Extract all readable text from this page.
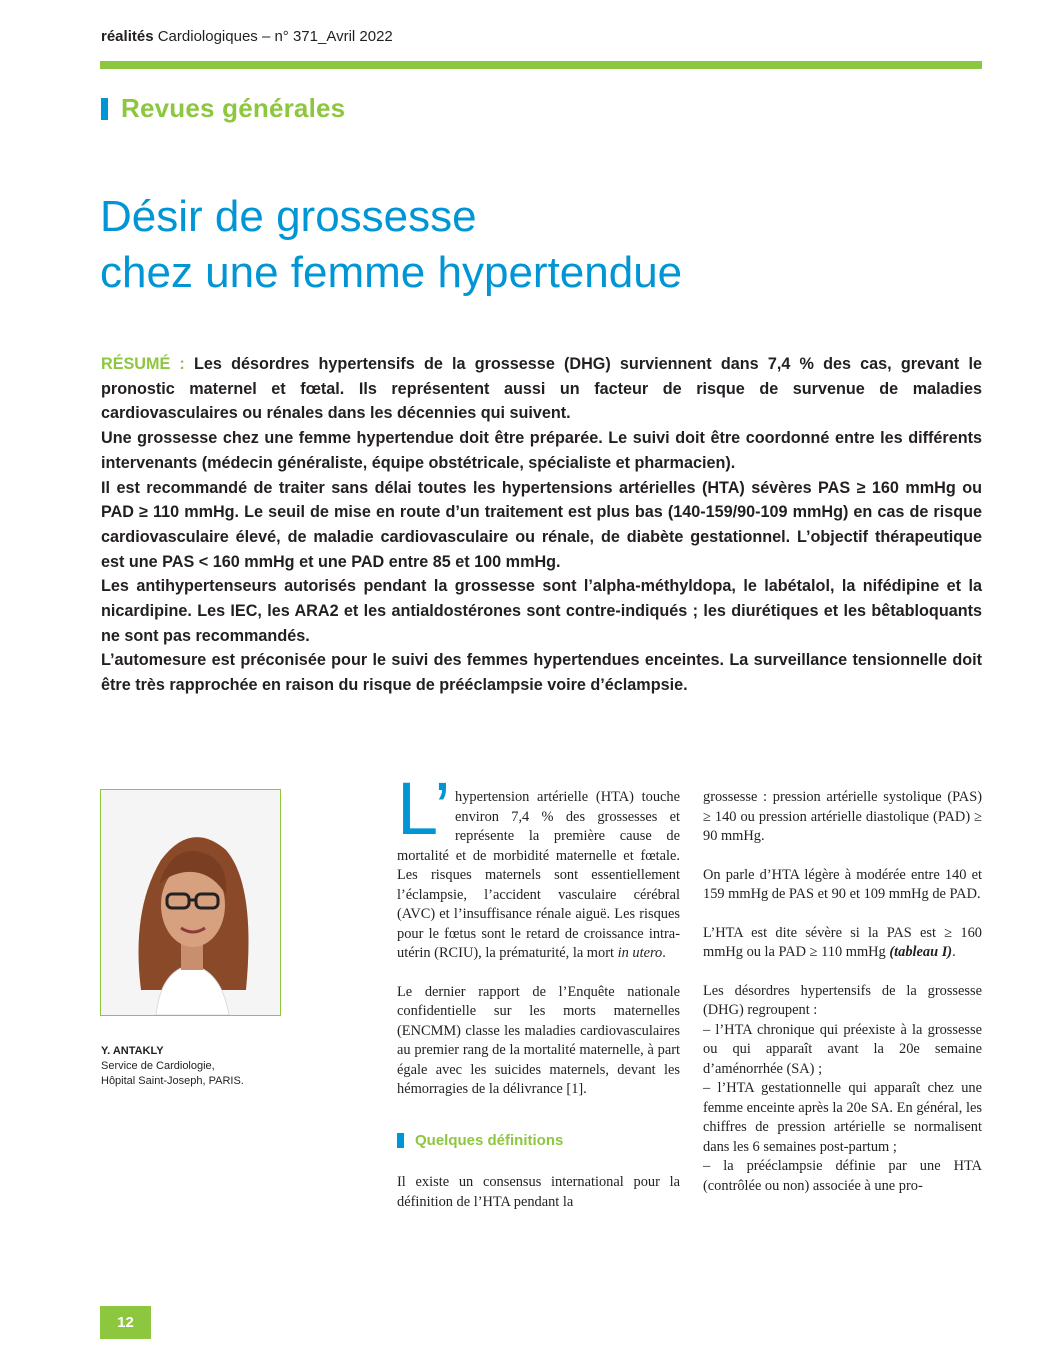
réalités Cardiologiques – n° 371_Avril 2022
Revues générales
Désir de grossesse
chez une femme hypertendue

RÉSUMÉ : Les désordres hypertensifs de la grossesse (DHG) surviennent dans 7,4 % des cas, grevant le pronostic maternel et fœtal. Ils représentent aussi un facteur de risque de survenue de maladies cardiovasculaires ou rénales dans les décennies qui suivent.

Une grossesse chez une femme hypertendue doit être préparée. Le suivi doit être coordonné entre les différents intervenants (médecin généraliste, équipe obstétricale, spécialiste et pharmacien).

Il est recommandé de traiter sans délai toutes les hypertensions artérielles (HTA) sévères PAS ≥ 160 mmHg ou PAD ≥ 110 mmHg. Le seuil de mise en route d’un traitement est plus bas (140-159/90-109 mmHg) en cas de risque cardiovasculaire élevé, de maladie cardiovasculaire ou rénale, de diabète gestationnel. L’objectif thérapeutique est une PAS < 160 mmHg et une PAD entre 85 et 100 mmHg.

Les antihypertenseurs autorisés pendant la grossesse sont l’alpha-méthyldopa, le labétalol, la nifédipine et la nicardipine. Les IEC, les ARA2 et les antialdostérones sont contre-indiqués ; les diurétiques et les bêtabloquants ne sont pas recommandés.

L’automesure est préconisée pour le suivi des femmes hypertendues enceintes. La surveillance tensionnelle doit être très rapprochée en raison du risque de prééclampsie voire d’éclampsie.

Y. ANTAKLY
Service de Cardiologie,
Hôpital Saint-Joseph, PARIS.
L’ hypertension artérielle (HTA) touche environ 7,4 % des grossesses et représente la première cause de mortalité et de morbidité maternelle et fœtale. Les risques maternels sont essentiellement l’éclampsie, l’accident vasculaire cérébral (AVC) et l’insuffisance rénale aiguë. Les risques pour le fœtus sont le retard de croissance intra-utérin (RCIU), la prématurité, la mort in utero.

Le dernier rapport de l’Enquête nationale confidentielle sur les morts maternelles (ENCMM) classe les maladies cardiovasculaires au premier rang de la mortalité maternelle, à part égale avec les suicides maternels, devant les hémorragies de la délivrance [1].

Quelques définitions

Il existe un consensus international pour la définition de l’HTA pendant la

grossesse : pression artérielle systolique (PAS) ≥ 140 ou pression artérielle diastolique (PAD) ≥ 90 mmHg.

On parle d’HTA légère à modérée entre 140 et 159 mmHg de PAS et 90 et 109 mmHg de PAD.

L’HTA est dite sévère si la PAS est ≥ 160 mmHg ou la PAD ≥ 110 mmHg (tableau I).

Les désordres hypertensifs de la grossesse (DHG) regroupent :

– l’HTA chronique qui préexiste à la grossesse ou qui apparaît avant la 20e semaine d’aménorrhée (SA) ;
– l’HTA gestationnelle qui apparaît chez une femme enceinte après la 20e SA. En général, les chiffres de pression artérielle se normalisent dans les 6 semaines post-partum ;
– la prééclampsie définie par une HTA (contrôlée ou non) associée à une pro-
12
